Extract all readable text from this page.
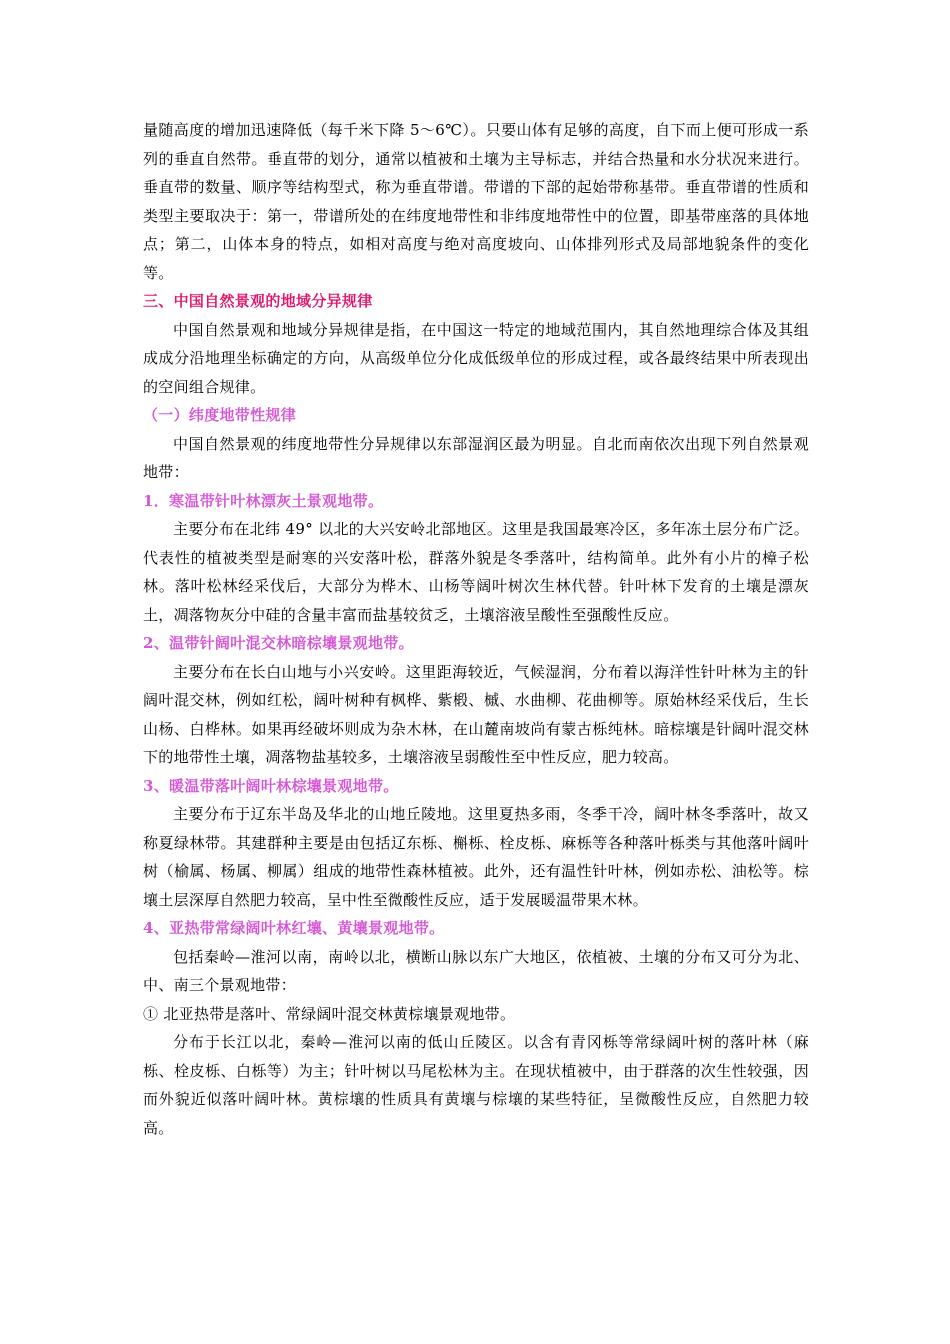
量随高度的增加迅速降低（每千米下降 5～6℃）。只要山体有足够的高度，自下而上便可形成一系列的垂直自然带。垂直带的划分，通常以植被和土壤为主导标志，并结合热量和水分状况来进行。垂直带的数量、顺序等结构型式，称为垂直带谱。带谱的下部的起始带称基带。垂直带谱的性质和类型主要取决于：第一，带谱所处的在纬度地带性和非纬度地带性中的位置，即基带座落的具体地点；第二，山体本身的特点，如相对高度与绝对高度坡向、山体排列形式及局部地貌条件的变化等。

三、中国自然景观的地域分异规律

中国自然景观和地域分异规律是指，在中国这一特定的地域范围内，其自然地理综合体及其组成成分沿地理坐标确定的方向，从高级单位分化成低级单位的形成过程，或各最终结果中所表现出的空间组合规律。

（一）纬度地带性规律

中国自然景观的纬度地带性分异规律以东部湿润区最为明显。自北而南依次出现下列自然景观地带：

1．寒温带针叶林漂灰土景观地带。

主要分布在北纬 49° 以北的大兴安岭北部地区。这里是我国最寒冷区，多年冻土层分布广泛。代表性的植被类型是耐寒的兴安落叶松，群落外貌是冬季落叶，结构简单。此外有小片的樟子松林。落叶松林经采伐后，大部分为桦木、山杨等阔叶树次生林代替。针叶林下发育的土壤是漂灰土，凋落物灰分中硅的含量丰富而盐基较贫乏，土壤溶液呈酸性至强酸性反应。

2、温带针阔叶混交林暗棕壤景观地带。

主要分布在长白山地与小兴安岭。这里距海较近，气候湿润，分布着以海洋性针叶林为主的针阔叶混交林，例如红松，阔叶树种有枫桦、紫椴、槭、水曲柳、花曲柳等。原始林经采伐后，生长山杨、白桦林。如果再经破坏则成为杂木林，在山麓南坡尚有蒙古栎纯林。暗棕壤是针阔叶混交林下的地带性土壤，凋落物盐基较多，土壤溶液呈弱酸性至中性反应，肥力较高。

3、暖温带落叶阔叶林棕壤景观地带。

主要分布于辽东半岛及华北的山地丘陵地。这里夏热多雨，冬季干冷，阔叶林冬季落叶，故又称夏绿林带。其建群种主要是由包括辽东栎、槲栎、栓皮栎、麻栎等各种落叶栎类与其他落叶阔叶树（榆属、杨属、柳属）组成的地带性森林植被。此外，还有温性针叶林，例如赤松、油松等。棕壤土层深厚自然肥力较高，呈中性至微酸性反应，适于发展暖温带果木林。

4、亚热带常绿阔叶林红壤、黄壤景观地带。

包括秦岭—淮河以南，南岭以北，横断山脉以东广大地区，依植被、土壤的分布又可分为北、中、南三个景观地带：

① 北亚热带是落叶、常绿阔叶混交林黄棕壤景观地带。

分布于长江以北，秦岭—淮河以南的低山丘陵区。以含有青冈栎等常绿阔叶树的落叶林（麻栎、栓皮栎、白栎等）为主；针叶树以马尾松林为主。在现状植被中，由于群落的次生性较强，因而外貌近似落叶阔叶林。黄棕壤的性质具有黄壤与棕壤的某些特征，呈微酸性反应，自然肥力较高。
